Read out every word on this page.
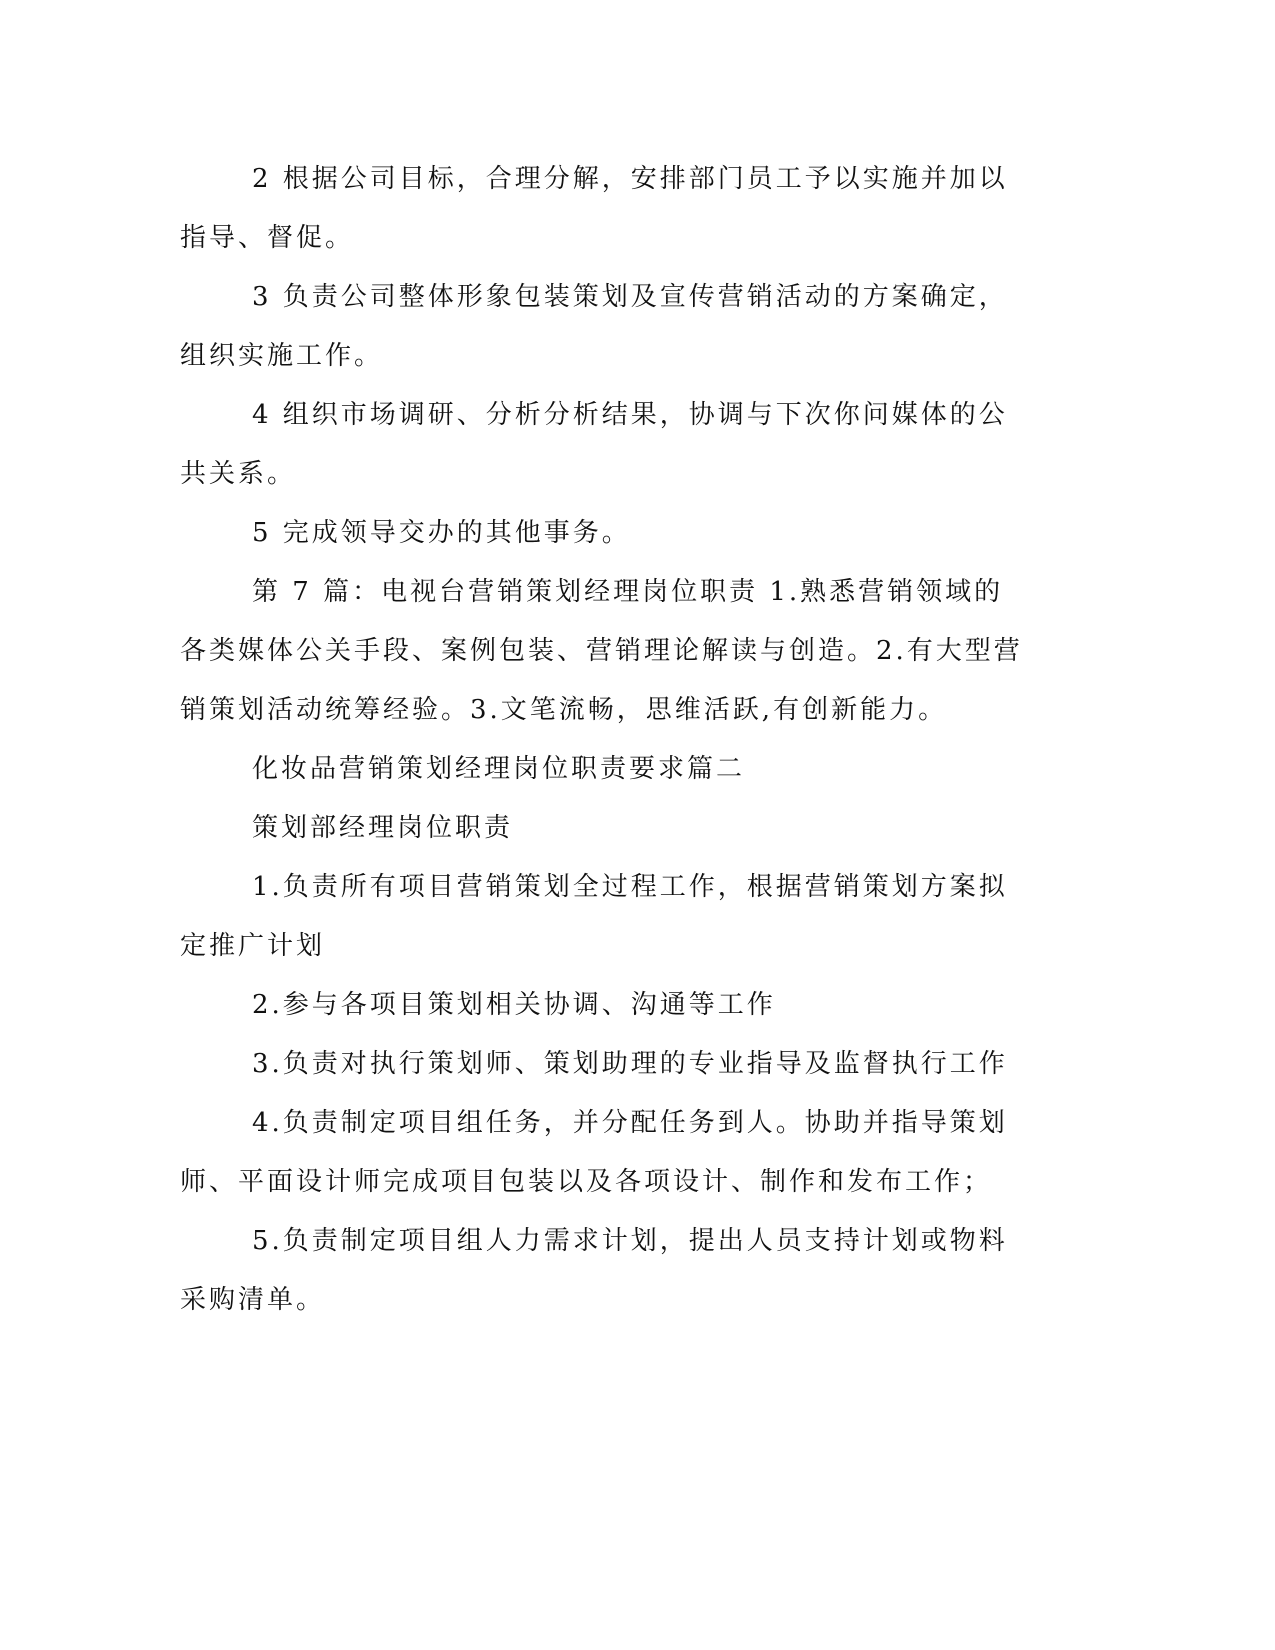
2 根据公司目标，合理分解，安排部门员工予以实施并加以指导、督促。

3 负责公司整体形象包装策划及宣传营销活动的方案确定，组织实施工作。

4 组织市场调研、分析分析结果，协调与下次你问媒体的公共关系。

5 完成领导交办的其他事务。

第 7 篇：电视台营销策划经理岗位职责 1.熟悉营销领域的各类媒体公关手段、案例包装、营销理论解读与创造。2.有大型营销策划活动统筹经验。3.文笔流畅，思维活跃,有创新能力。

化妆品营销策划经理岗位职责要求篇二

策划部经理岗位职责

1.负责所有项目营销策划全过程工作，根据营销策划方案拟定推广计划

2.参与各项目策划相关协调、沟通等工作

3.负责对执行策划师、策划助理的专业指导及监督执行工作

4.负责制定项目组任务，并分配任务到人。协助并指导策划师、平面设计师完成项目包装以及各项设计、制作和发布工作；

5.负责制定项目组人力需求计划，提出人员支持计划或物料采购清单。
